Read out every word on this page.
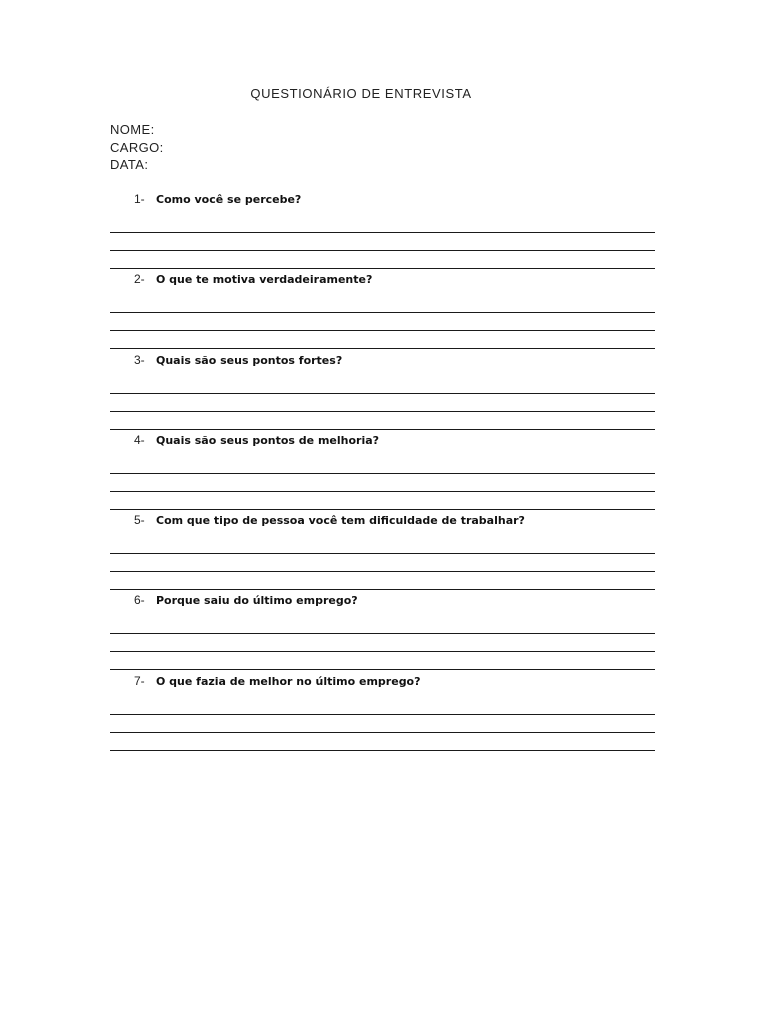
QUESTIONÁRIO DE ENTREVISTA
NOME:
CARGO:
DATA:
1- Como você se percebe?
2- O que te motiva verdadeiramente?
3- Quais são seus pontos fortes?
4- Quais são seus pontos de melhoria?
5- Com que tipo de pessoa você tem dificuldade de trabalhar?
6- Porque saiu do último emprego?
7- O que fazia de melhor no último emprego?
